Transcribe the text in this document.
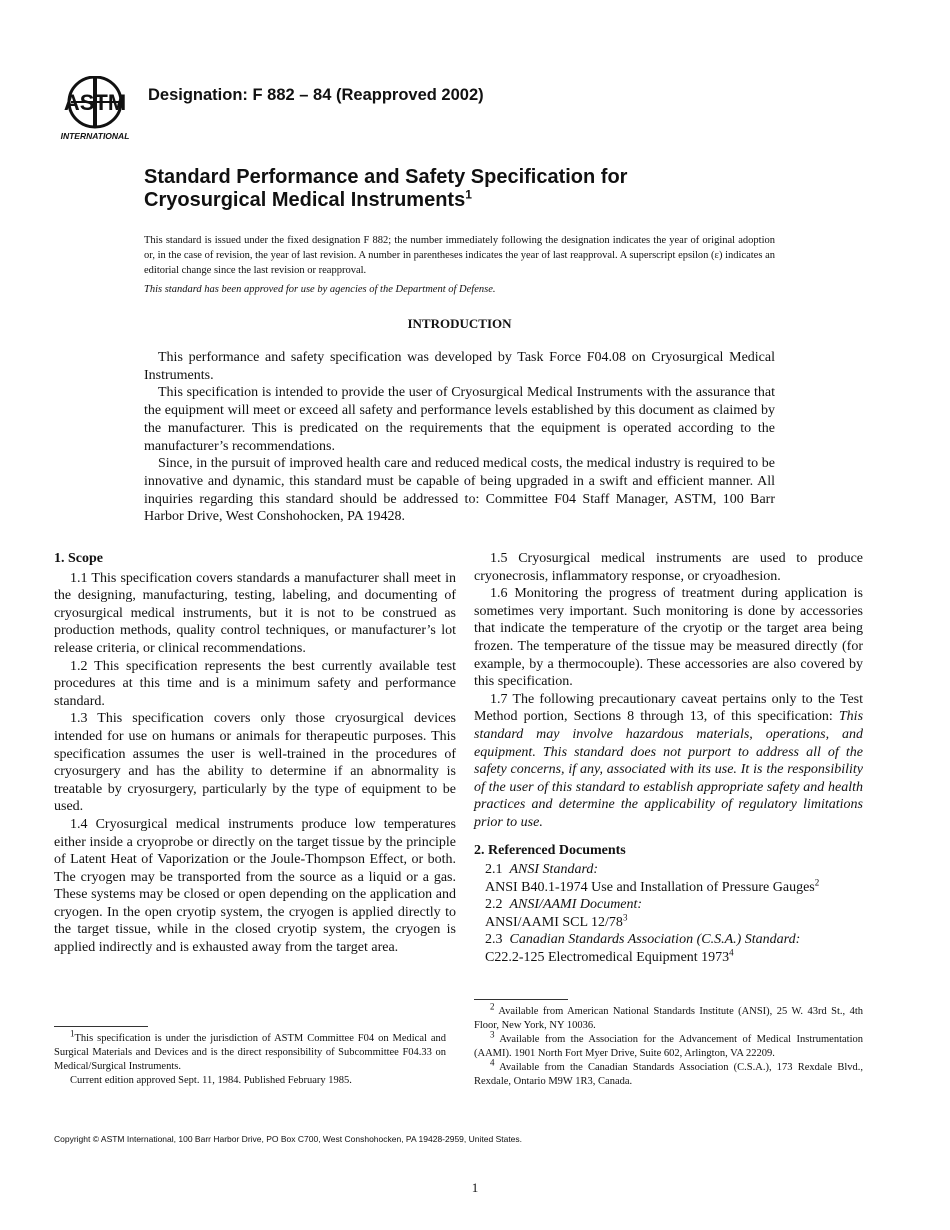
ASTM
INTERNATIONAL
Designation: F 882 – 84 (Reapproved 2002)
Standard Performance and Safety Specification for
Cryosurgical Medical Instruments$^1$
This standard is issued under the fixed designation F 882; the number immediately following the designation indicates the year of original adoption or, in the case of revision, the year of last revision. A number in parentheses indicates the year of last reapproval. A superscript epsilon (ε) indicates an editorial change since the last revision or reapproval.
This standard has been approved for use by agencies of the Department of Defense.
INTRODUCTION

This performance and safety specification was developed by Task Force F04.08 on Cryosurgical Medical Instruments.

This specification is intended to provide the user of Cryosurgical Medical Instruments with the assurance that the equipment will meet or exceed all safety and performance levels established by this document as claimed by the manufacturer. This is predicated on the requirements that the equipment is operated according to the manufacturer’s recommendations.

Since, in the pursuit of improved health care and reduced medical costs, the medical industry is required to be innovative and dynamic, this standard must be capable of being upgraded in a swift and efficient manner. All inquiries regarding this standard should be addressed to: Committee F04 Staff Manager, ASTM, 100 Barr Harbor Drive, West Conshohocken, PA 19428.

1. Scope

1.1 This specification covers standards a manufacturer shall meet in the designing, manufacturing, testing, labeling, and documenting of cryosurgical medical instruments, but it is not to be construed as production methods, quality control techniques, or manufacturer’s lot release criteria, or clinical recommendations.

1.2 This specification represents the best currently available test procedures at this time and is a minimum safety and performance standard.

1.3 This specification covers only those cryosurgical devices intended for use on humans or animals for therapeutic purposes. This specification assumes the user is well-trained in the procedures of cryosurgery and has the ability to determine if an abnormality is treatable by cryosurgery, particularly by the type of equipment to be used.

1.4 Cryosurgical medical instruments produce low temperatures either inside a cryoprobe or directly on the target tissue by the principle of Latent Heat of Vaporization or the Joule-Thompson Effect, or both. The cryogen may be transported from the source as a liquid or a gas. These systems may be closed or open depending on the application and cryogen. In the open cryotip system, the cryogen is applied directly to the target tissue, while in the closed cryotip system, the cryogen is applied indirectly and is exhausted away from the target area.

1.5 Cryosurgical medical instruments are used to produce cryonecrosis, inflammatory response, or cryoadhesion.

1.6 Monitoring the progress of treatment during application is sometimes very important. Such monitoring is done by accessories that indicate the temperature of the cryotip or the target area being frozen. The temperature of the tissue may be measured directly (for example, by a thermocouple). These accessories are also covered by this specification.

1.7 The following precautionary caveat pertains only to the Test Method portion, Sections 8 through 13, of this specification: This standard may involve hazardous materials, operations, and equipment. This standard does not purport to address all of the safety concerns, if any, associated with its use. It is the responsibility of the user of this standard to establish appropriate safety and health practices and determine the applicability of regulatory limitations prior to use.

2. Referenced Documents
2.1 ANSI Standard:
ANSI B40.1-1974 Use and Installation of Pressure Gauges$^2$
2.2 ANSI/AAMI Document:
ANSI/AAMI SCL $12/78^3$
2.3 Canadian Standards Association (C.S.A.) Standard:
C22.2-125 Electromedical Equipment 1973$^4$

$^1$This specification is under the jurisdiction of ASTM Committee F04 on Medical and Surgical Materials and Devices and is the direct responsibility of Subcommittee F04.33 on Medical/Surgical Instruments.

Current edition approved Sept. 11, 1984. Published February 1985.

$^2$ Available from American National Standards Institute (ANSI), 25 W. 43rd St., 4th Floor, New York, NY 10036.

$^3$ Available from the Association for the Advancement of Medical Instrumentation (AAMI). 1901 North Fort Myer Drive, Suite 602, Arlington, VA 22209.

$^4$ Available from the Canadian Standards Association (C.S.A.), 173 Rexdale Blvd., Rexdale, Ontario M9W 1R3, Canada.

Copyright © ASTM International, 100 Barr Harbor Drive, PO Box C700, West Conshohocken, PA 19428-2959, United States.
1
